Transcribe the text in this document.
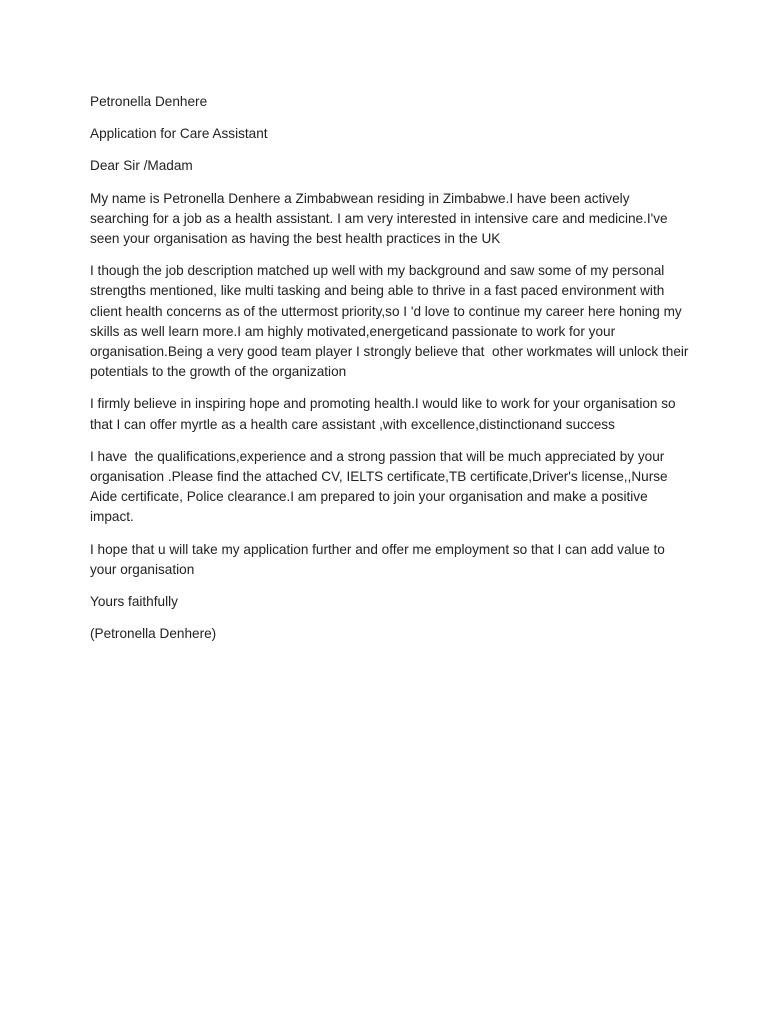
Petronella Denhere

Application for Care Assistant

Dear Sir /Madam

My name is Petronella Denhere a Zimbabwean residing in Zimbabwe.I have been actively searching for a job as a health assistant. I am very interested in intensive care and medicine.I've seen your organisation as having the best health practices in the UK

I though the job description matched up well with my background and saw some of my personal strengths mentioned, like multi tasking and being able to thrive in a fast paced environment with client health concerns as of the uttermost priority,so I 'd love to continue my career here honing my skills as well learn more.I am highly motivated,energeticand passionate to work for your organisation.Being a very good team player I strongly believe that  other workmates will unlock their potentials to the growth of the organization

I firmly believe in inspiring hope and promoting health.I would like to work for your organisation so that I can offer myrtle as a health care assistant ,with excellence,distinctionand success

I have  the qualifications,experience and a strong passion that will be much appreciated by your organisation .Please find the attached CV, IELTS certificate,TB certificate,Driver's license,,Nurse Aide certificate, Police clearance.I am prepared to join your organisation and make a positive impact.

I hope that u will take my application further and offer me employment so that I can add value to your organisation

Yours faithfully

(Petronella Denhere)
